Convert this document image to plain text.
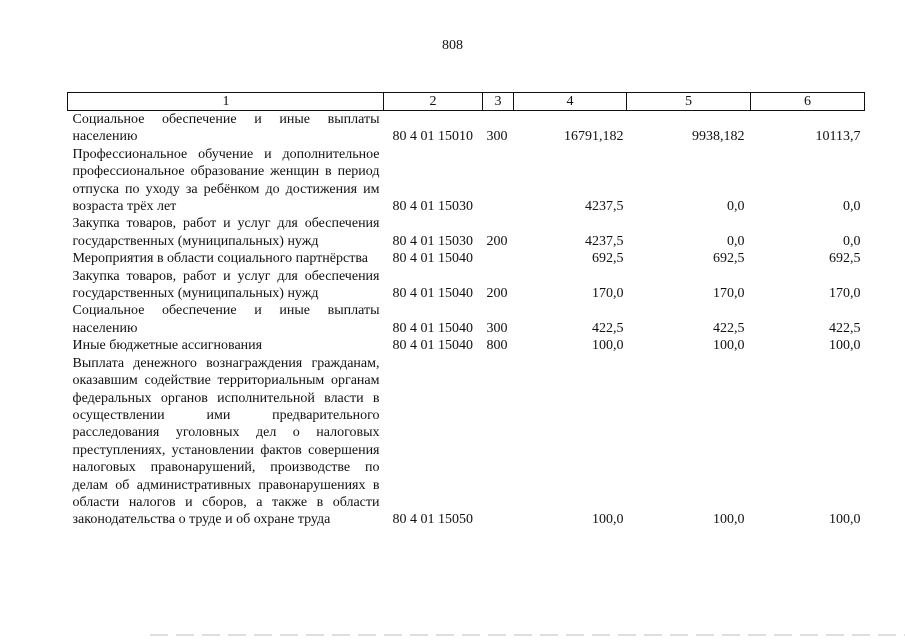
808
1	2	3	4	5	6
Социальное обеспечение и иные выплаты населению	80 4 01 15010	300	16791,182	9938,182	10113,7
Профессиональное обучение и дополнительное профессиональное образование женщин в период отпуска по уходу за ребёнком до достижения им возраста трёх лет	80 4 01 15030		4237,5	0,0	0,0
Закупка товаров, работ и услуг для обеспечения государственных (муниципальных) нужд	80 4 01 15030	200	4237,5	0,0	0,0
Мероприятия в области социального партнёрства	80 4 01 15040		692,5	692,5	692,5
Закупка товаров, работ и услуг для обеспечения государственных (муниципальных) нужд	80 4 01 15040	200	170,0	170,0	170,0
Социальное обеспечение и иные выплаты населению	80 4 01 15040	300	422,5	422,5	422,5
Иные бюджетные ассигнования	80 4 01 15040	800	100,0	100,0	100,0
Выплата денежного вознаграждения гражданам, оказавшим содействие территориальным органам федеральных органов исполнительной власти в осуществлении ими предварительного расследования уголовных дел о налоговых преступлениях, установлении фактов совершения налоговых правонарушений, производстве по делам об административных правонарушениях в области налогов и сборов, а также в области законодательства о труде и об охране труда	80 4 01 15050		100,0	100,0	100,0
